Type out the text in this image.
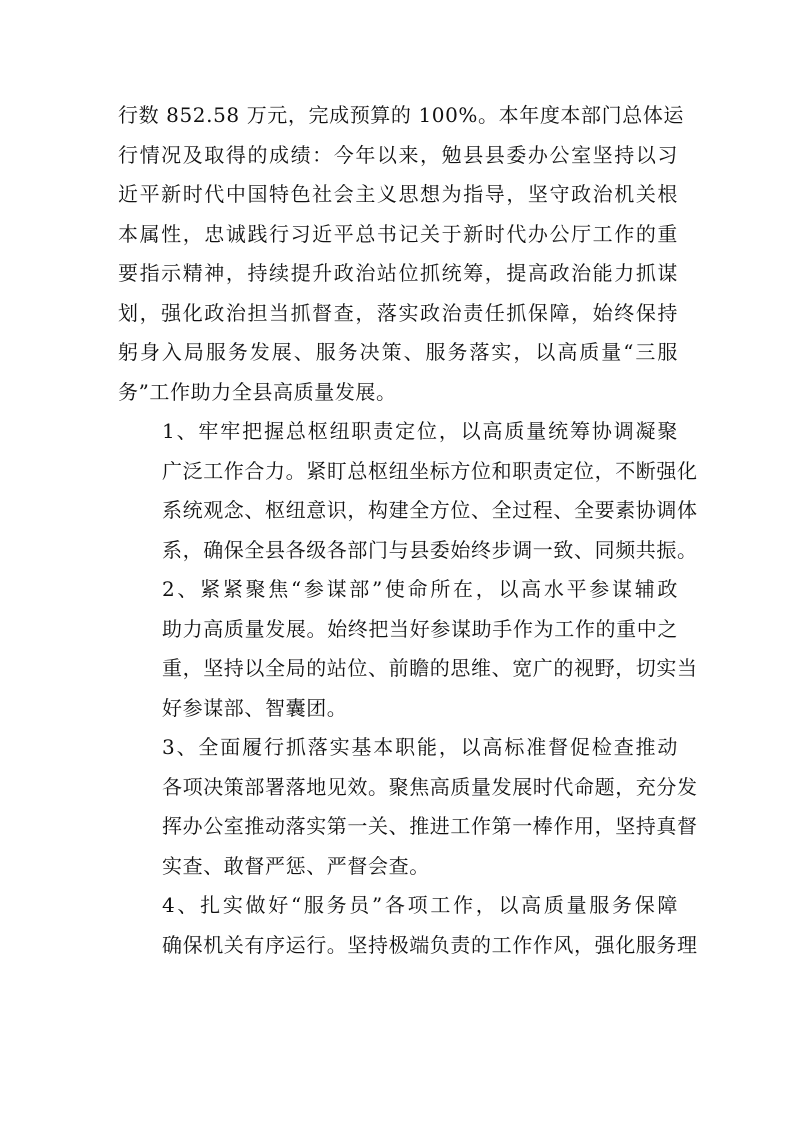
行数 852.58 万元，完成预算的 100%。本年度本部门总体运
行情况及取得的成绩：今年以来，勉县县委办公室坚持以习
近平新时代中国特色社会主义思想为指导，坚守政治机关根
本属性，忠诚践行习近平总书记关于新时代办公厅工作的重
要指示精神，持续提升政治站位抓统筹，提高政治能力抓谋
划，强化政治担当抓督查，落实政治责任抓保障，始终保持
躬身入局服务发展、服务决策、服务落实，以高质量“三服
务”工作助力全县高质量发展。

1、牢牢把握总枢纽职责定位，以高质量统筹协调凝聚
广泛工作合力。紧盯总枢纽坐标方位和职责定位，不断强化
系统观念、枢纽意识，构建全方位、全过程、全要素协调体
系，确保全县各级各部门与县委始终步调一致、同频共振。

2、紧紧聚焦“参谋部”使命所在，以高水平参谋辅政
助力高质量发展。始终把当好参谋助手作为工作的重中之
重，坚持以全局的站位、前瞻的思维、宽广的视野，切实当
好参谋部、智囊团。

3、全面履行抓落实基本职能，以高标准督促检查推动
各项决策部署落地见效。聚焦高质量发展时代命题，充分发
挥办公室推动落实第一关、推进工作第一棒作用，坚持真督
实查、敢督严惩、严督会查。

4、扎实做好“服务员”各项工作，以高质量服务保障
确保机关有序运行。坚持极端负责的工作作风，强化服务理
